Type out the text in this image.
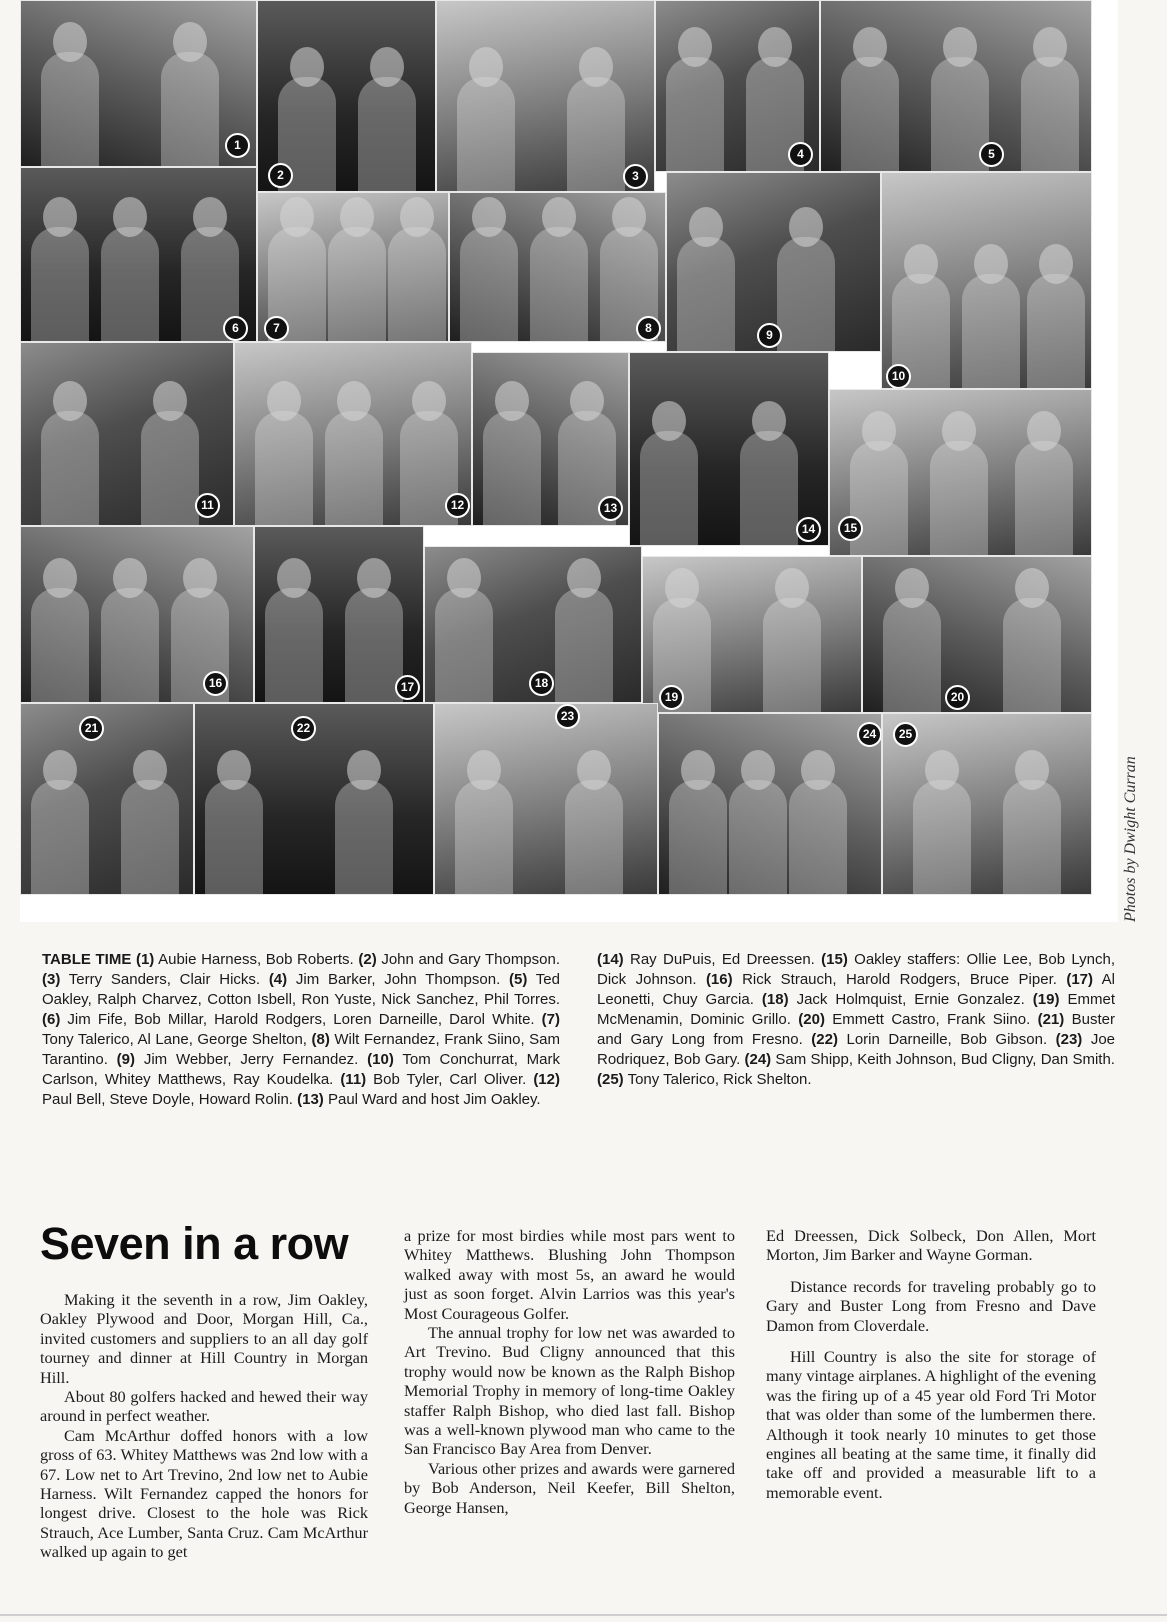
1
2	3
4	5
6	7	8	9
10
11	12	13
14	15
16	17	18
19	20
21	22
23
24	25
Photos by Dwight Curran
TABLE TIME (1) Aubie Harness, Bob Roberts. (2) John and Gary Thompson. (3) Terry Sanders, Clair Hicks. (4) Jim Barker, John Thompson. (5) Ted Oakley, Ralph Charvez, Cotton Isbell, Ron Yuste, Nick Sanchez, Phil Torres. (6) Jim Fife, Bob Millar, Harold Rodgers, Loren Darneille, Darol White. (7) Tony Talerico, Al Lane, George Shelton, (8) Wilt Fernandez, Frank Siino, Sam Tarantino. (9) Jim Webber, Jerry Fernandez. (10) Tom Conchurrat, Mark Carlson, Whitey Matthews, Ray Koudelka. (11) Bob Tyler, Carl Oliver. (12) Paul Bell, Steve Doyle, Howard Rolin. (13) Paul Ward and host Jim Oakley.
(14) Ray DuPuis, Ed Dreessen. (15) Oakley staffers: Ollie Lee, Bob Lynch, Dick Johnson. (16) Rick Strauch, Harold Rodgers, Bruce Piper. (17) Al Leonetti, Chuy Garcia. (18) Jack Holmquist, Ernie Gonzalez. (19) Emmet McMenamin, Dominic Grillo. (20) Emmett Castro, Frank Siino. (21) Buster and Gary Long from Fresno. (22) Lorin Darneille, Bob Gibson. (23) Joe Rodriquez, Bob Gary. (24) Sam Shipp, Keith Johnson, Bud Cligny, Dan Smith. (25) Tony Talerico, Rick Shelton.
Seven in a row

Making it the seventh in a row, Jim Oakley, Oakley Plywood and Door, Morgan Hill, Ca., invited customers and suppliers to an all day golf tourney and dinner at Hill Country in Morgan Hill.

About 80 golfers hacked and hewed their way around in perfect weather.

Cam McArthur doffed honors with a low gross of 63. Whitey Matthews was 2nd low with a 67. Low net to Art Trevino, 2nd low net to Aubie Harness. Wilt Fernandez capped the honors for longest drive. Closest to the hole was Rick Strauch, Ace Lumber, Santa Cruz. Cam McArthur walked up again to get

a prize for most birdies while most pars went to Whitey Matthews. Blushing John Thompson walked away with most 5s, an award he would just as soon forget. Alvin Larrios was this year's Most Courageous Golfer.

The annual trophy for low net was awarded to Art Trevino. Bud Cligny announced that this trophy would now be known as the Ralph Bishop Memorial Trophy in memory of long-time Oakley staffer Ralph Bishop, who died last fall. Bishop was a well-known plywood man who came to the San Francisco Bay Area from Denver.

Various other prizes and awards were garnered by Bob Anderson, Neil Keefer, Bill Shelton, George Hansen,

Ed Dreessen, Dick Solbeck, Don Allen, Mort Morton, Jim Barker and Wayne Gorman.

Distance records for traveling probably go to Gary and Buster Long from Fresno and Dave Damon from Cloverdale.

Hill Country is also the site for storage of many vintage airplanes. A highlight of the evening was the firing up of a 45 year old Ford Tri Motor that was older than some of the lumbermen there. Although it took nearly 10 minutes to get those engines all beating at the same time, it finally did take off and provided a measurable lift to a memorable event.
